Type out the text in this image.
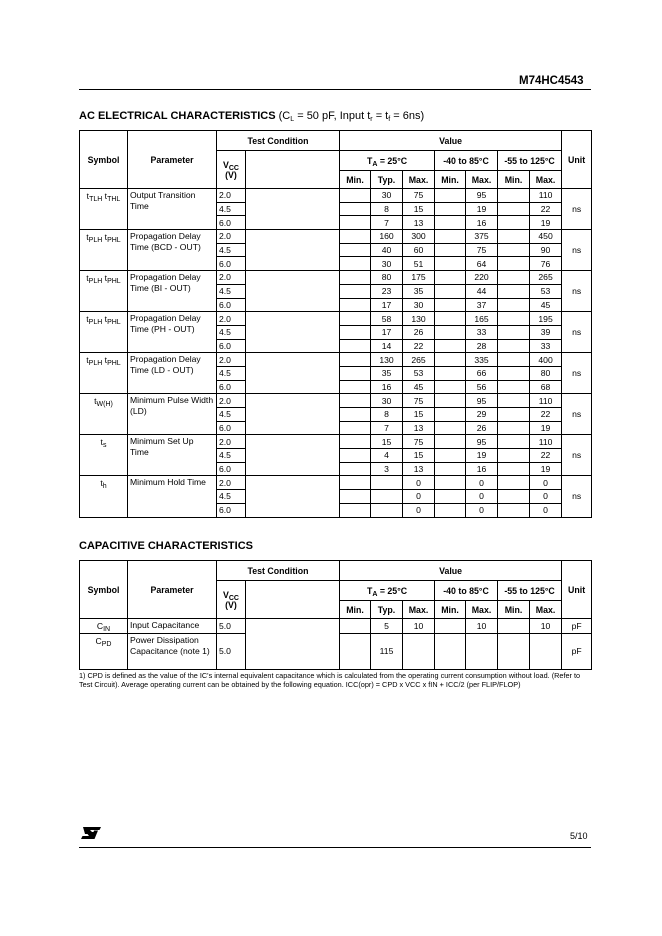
M74HC4543
AC ELECTRICAL CHARACTERISTICS ($C_L = 50$ pF, Input $t_r = t_f = 6ns$)
Symbol	Parameter	Test Condition		Value							Unit
		$V_{CC}$
(V)		$T_A = 25^\circ C$			-40 to 85°C		-55 to 125°C		
				Min.	Typ.	Max.	Min.	Max.	Min.	Max.	
$t_{TLH}$ $t_{THL}$	Output Transition Time	2.0			30	75		95		110	ns
		4.5			8	15		19		22	
		6.0			7	13		16		19	
$t_{PLH}$ $t_{PHL}$	Propagation Delay Time (BCD - OUT)	2.0			160	300		375		450	ns
		4.5			40	60		75		90	
		6.0			30	51		64		76	
$t_{PLH}$ $t_{PHL}$	Propagation Delay Time (BI - OUT)	2.0			80	175		220		265	ns
		4.5			23	35		44		53	
		6.0			17	30		37		45	
$t_{PLH}$ $t_{PHL}$	Propagation Delay Time (PH - OUT)	2.0			58	130		165		195	ns
		4.5			17	26		33		39	
		6.0			14	22		28		33	
$t_{PLH}$ $t_{PHL}$	Propagation Delay Time (LD - OUT)	2.0			130	265		335		400	ns
		4.5			35	53		66		80	
		6.0			16	45		56		68	
$t_{W(H)}$	Minimum Pulse Width (LD)	2.0			30	75		95		110	ns
		4.5			8	15		29		22	
		6.0			7	13		26		19	
$t_s$	Minimum Set Up Time	2.0			15	75		95		110	ns
		4.5			4	15		19		22	
		6.0			3	13		16		19	
$t_h$	Minimum Hold Time	2.0				0		0		0	ns
		4.5				0		0		0	
		6.0				0		0		0	
CAPACITIVE CHARACTERISTICS
Symbol	Parameter	Test Condition		Value							Unit
		$V_{CC}$
(V)		$T_A = 25^\circ C$			-40 to 85°C		-55 to 125°C		
				Min.	Typ.	Max.	Min.	Max.	Min.	Max.	
$C_{IN}$	Input Capacitance	5.0			5	10		10		10	pF
$C_{PD}$	Power Dissipation Capacitance (note 1)	5.0			115						pF
1) CPD is defined as the value of the IC's internal equivalent capacitance which is calculated from the operating current consumption without load. (Refer to Test Circuit). Average operating current can be obtained by the following equation. ICC(opr) = CPD x VCC x fIN + ICC/2 (per FLIP/FLOP)
5/10
